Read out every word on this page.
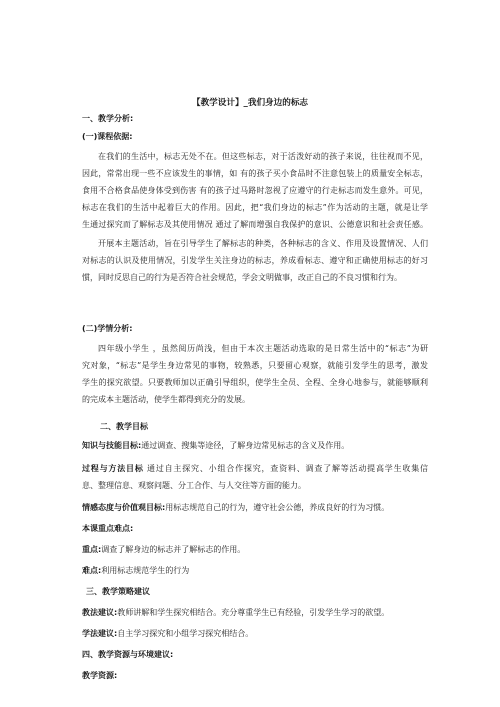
【教学设计】_我们身边的标志
一、教学分析:
(一)课程依据:
在我们的生活中，标志无处不在。但这些标志，对于活泼好动的孩子来说，往往视而不见，
因此，常常出现一些不应该发生的事情，如 有的孩子买小食品时不注意包装上的质量安全标志，
食用不合格食品使身体受到伤害 有的孩子过马路时忽视了应遵守的行走标志而发生意外。可见，
标志在我们的生活中起着巨大的作用。因此，把“我们身边的标志”作为活动的主题，就是让学
生通过探究而了解标志及其使用情况 通过了解而增强自我保护的意识、公德意识和社会责任感。
开展本主题活动，旨在引导学生了解标志的种类，各种标志的含义、作用及设置情况、人们
对标志的认识及使用情况，引发学生关注身边的标志，养成看标志、遵守和正确使用标志的好习
惯，同时反思自己的行为是否符合社会规范，学会文明做事，改正自己的不良习惯和行为。
(二)学情分析:
四年级小学生 ，虽然阅历尚浅，但由于本次主题活动选取的是日常生活中的“标志”为研
究对象，“标志”是学生身边常见的事物，较熟悉，只要留心观察，就能引发学生的思考，激发
学生的探究欲望。只要教师加以正确引导组织，使学生全员、全程、全身心地参与，就能够顺利
的完成本主题活动，使学生都得到充分的发展。
二、教学目标
知识与技能目标:通过调查、搜集等途径，了解身边常见标志的含义及作用。
过程与方法目标 通过自主探究、小组合作探究，查资料、调查了解等活动提高学生收集信
息、整理信息、观察问题、分工合作、与人交往等方面的能力。
情感态度与价值观目标:用标志规范自己的行为，遵守社会公德，养成良好的行为习惯。
本课重点难点:
重点:调查了解身边的标志并了解标志的作用。
难点:利用标志规范学生的行为
三、教学策略建议
教法建议:教师讲解和学生探究相结合。充分尊重学生已有经验，引发学生学习的欲望。
学法建议:自主学习探究和小组学习探究相结合。
四、教学资源与环境建议:
教学资源:
